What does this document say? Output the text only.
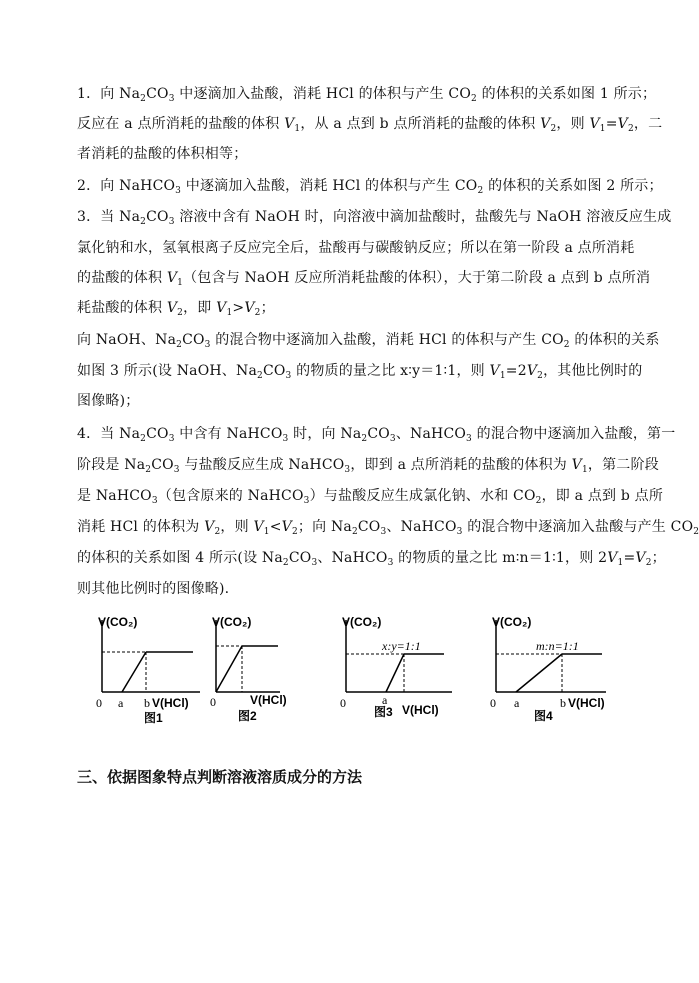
1．向 $Na_2CO_3$ 中逐滴加入盐酸，消耗 HCl 的体积与产生 $CO_2$ 的体积的关系如图 1 所示；
反应在 a 点所消耗的盐酸的体积 $V_1$，从 a 点到 b 点所消耗的盐酸的体积 $V_2$，则 $V_1=V_2$，二
者消耗的盐酸的体积相等；
2．向 NaHCO$_3$ 中逐滴加入盐酸，消耗 HCl 的体积与产生 $CO_2$ 的体积的关系如图 2 所示；
3．当 $Na_2CO_3$ 溶液中含有 NaOH 时，向溶液中滴加盐酸时，盐酸先与 NaOH 溶液反应生成
氯化钠和水，氢氧根离子反应完全后，盐酸再与碳酸钠反应；所以在第一阶段 a 点所消耗
的盐酸的体积 $V_1$（包含与 NaOH 反应所消耗盐酸的体积），大于第二阶段 a 点到 b 点所消
耗盐酸的体积 $V_2$，即 $V_1>V_2$；
向 NaOH、$Na_2CO_3$ 的混合物中逐滴加入盐酸，消耗 HCl 的体积与产生 $CO_2$ 的体积的关系
如图 3 所示(设 NaOH、$Na_2CO_3$ 的物质的量之比 x∶y＝1∶1，则 $V_1=2V_2$，其他比例时的
图像略)；
4．当 $Na_2CO_3$ 中含有 NaHCO$_3$ 时，向 $Na_2CO_3$、NaHCO$_3$ 的混合物中逐滴加入盐酸，第一
阶段是 $Na_2CO_3$ 与盐酸反应生成 NaHCO$_3$，即到 a 点所消耗的盐酸的体积为 $V_1$，第二阶段
是 NaHCO$_3$（包含原来的 NaHCO$_3$）与盐酸反应生成氯化钠、水和 $CO_2$，即 a 点到 b 点所
消耗 HCl 的体积为 $V_2$，则 $V_1<V_2$；向 $Na_2CO_3$、NaHCO$_3$ 的混合物中逐滴加入盐酸与产生 $CO_2$
的体积的关系如图 4 所示(设 $Na_2CO_3$、NaHCO$_3$ 的物质的量之比 m∶n＝1∶1，则 $2V_1=V_2$；
则其他比例时的图像略).
V(CO₂)
0 a b V(HCl)
图1
V(CO₂)
0	V(HCl)
图2
V(CO₂)
x:y=1:1
0	a
V(HCl)
图3
V(CO₂)
m:n=1:1
0 a	b V(HCl)
图4
三、依据图象特点判断溶液溶质成分的方法
